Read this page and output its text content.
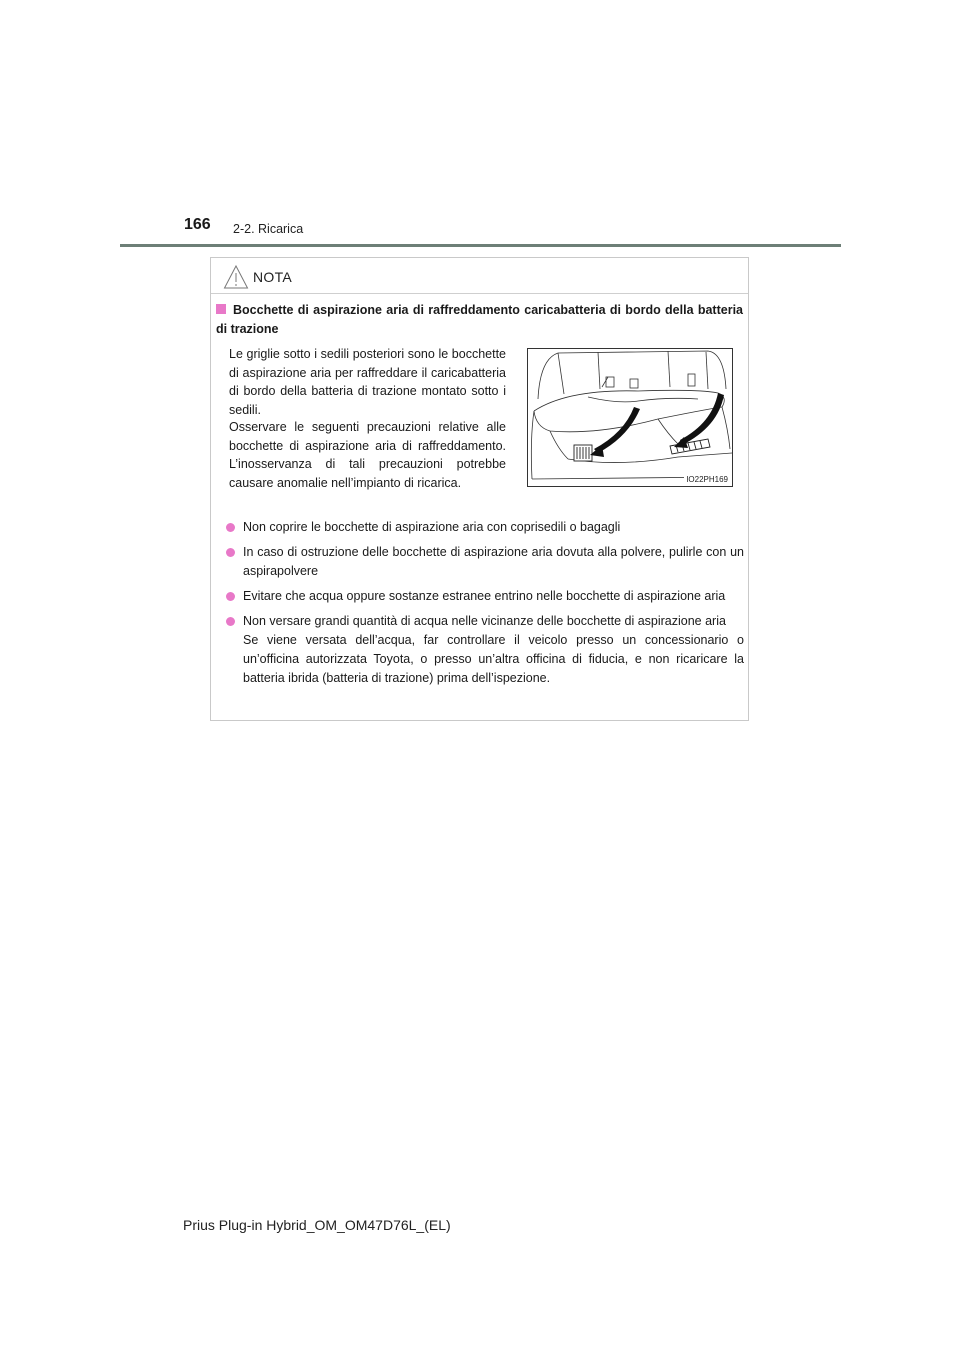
166 2-2. Ricarica
NOTA
Bocchette di aspirazione aria di raffreddamento caricabatteria di bordo della batteria di trazione

Le griglie sotto i sedili posteriori sono le bocchette di aspirazione aria per raffreddare il caricabatteria di bordo della batteria di trazione montato sotto i sedili.

Osservare le seguenti precauzioni relative alle bocchette di aspirazione aria di raffreddamento. L’inosservanza di tali precauzioni potrebbe causare anomalie nell’impianto di ricarica.	IO22PH169
Non coprire le bocchette di aspirazione aria con coprisedili o bagagli
In caso di ostruzione delle bocchette di aspirazione aria dovuta alla polvere, pulirle con un aspirapolvere
Evitare che acqua oppure sostanze estranee entrino nelle bocchette di aspirazione aria
Non versare grandi quantità di acqua nelle vicinanze delle bocchette di aspirazione aria
Se viene versata dell’acqua, far controllare il veicolo presso un concessionario o un’officina autorizzata Toyota, o presso un’altra officina di fiducia, e non ricaricare la batteria ibrida (batteria di trazione) prima dell’ispezione.
Prius Plug-in Hybrid_OM_OM47D76L_(EL)
